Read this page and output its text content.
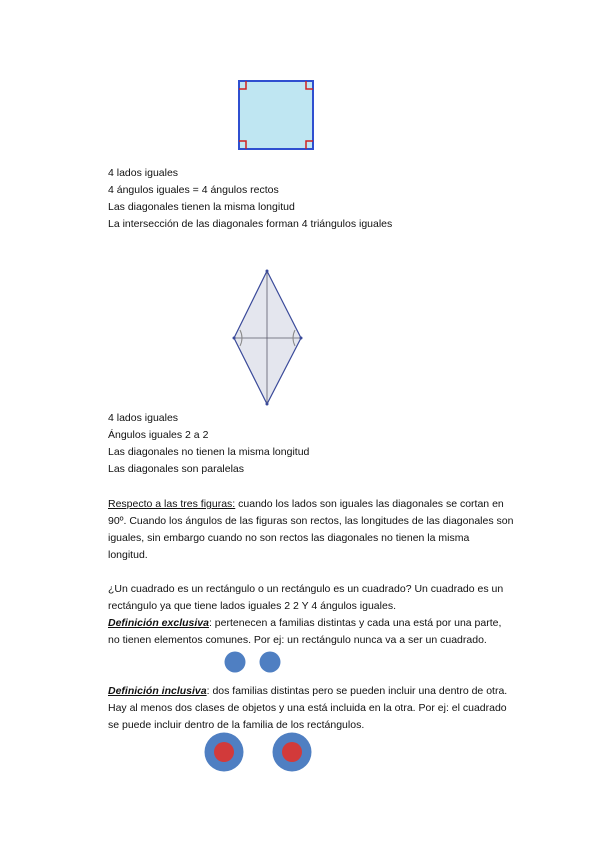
4 lados iguales
4 ángulos iguales = 4 ángulos rectos
Las diagonales tienen la misma longitud
La intersección de las diagonales forman 4 triángulos iguales
4 lados iguales
Ángulos iguales 2 a 2
Las diagonales no tienen la misma longitud
Las diagonales son paralelas
Respecto a las tres figuras: cuando los lados son iguales las diagonales se cortan en
90º. Cuando los ángulos de las figuras son rectos, las longitudes de las diagonales son
iguales, sin embargo cuando no son rectos las diagonales no tienen la misma
longitud.
¿Un cuadrado es un rectángulo o un rectángulo es un cuadrado? Un cuadrado es un
rectángulo ya que tiene lados iguales 2 2 Y 4 ángulos iguales.
Definición exclusiva: pertenecen a familias distintas y cada una está por una parte,
no tienen elementos comunes. Por ej: un rectángulo nunca va a ser un cuadrado.
Definición inclusiva: dos familias distintas pero se pueden incluir una dentro de otra.
Hay al menos dos clases de objetos y una está incluida en la otra. Por ej: el cuadrado
se puede incluir dentro de la familia de los rectángulos.
